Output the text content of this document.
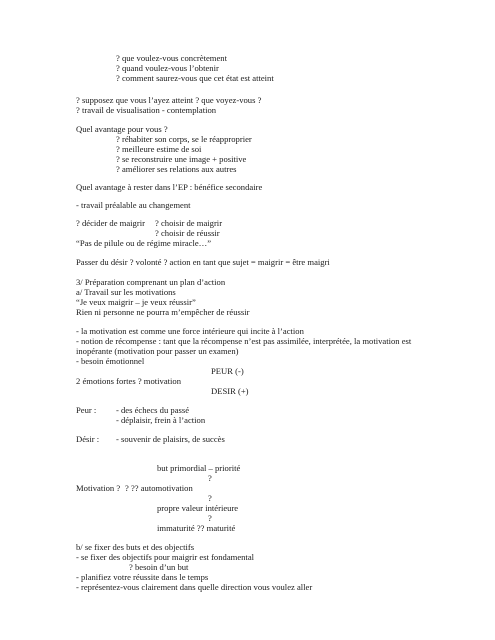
? que voulez-vous concrètement
? quand voulez-vous l’obtenir
? comment saurez-vous que cet état est atteint
? supposez que vous l’ayez atteint ? que voyez-vous ?
? travail de visualisation - contemplation
Quel avantage pour vous ?
? réhabiter son corps, se le réapproprier
? meilleure estime de soi
? se reconstruire une image + positive
? améliorer ses relations aux autres
Quel avantage à rester dans l’EP : bénéfice secondaire
- travail préalable au changement
? décider de maigrir ? choisir de maigrir
? choisir de réussir
“Pas de pilule ou de régime miracle…”
Passer du désir ? volonté ? action en tant que sujet = maigrir = être maigri
3/ Préparation comprenant un plan d’action
a/ Travail sur les motivations
“Je veux maigrir – je veux réussir”
Rien ni personne ne pourra m’empêcher de réussir
- la motivation est comme une force intérieure qui incite à l’action
- notion de récompense : tant que la récompense n’est pas assimilée, interprétée, la motivation est
inopérante (motivation pour passer un examen)
- besoin émotionnel
PEUR (-)
2 émotions fortes ? motivation
DESIR (+)
Peur : - des échecs du passé
- déplaisir, frein à l’action
Désir : - souvenir de plaisirs, de succès
but primordial – priorité
?
Motivation ? ? ?? automotivation
?
propre valeur intérieure
?
immaturité ?? maturité
b/ se fixer des buts et des objectifs
- se fixer des objectifs pour maigrir est fondamental
? besoin d’un but
- planifiez votre réussite dans le temps
- représentez-vous clairement dans quelle direction vous voulez aller
